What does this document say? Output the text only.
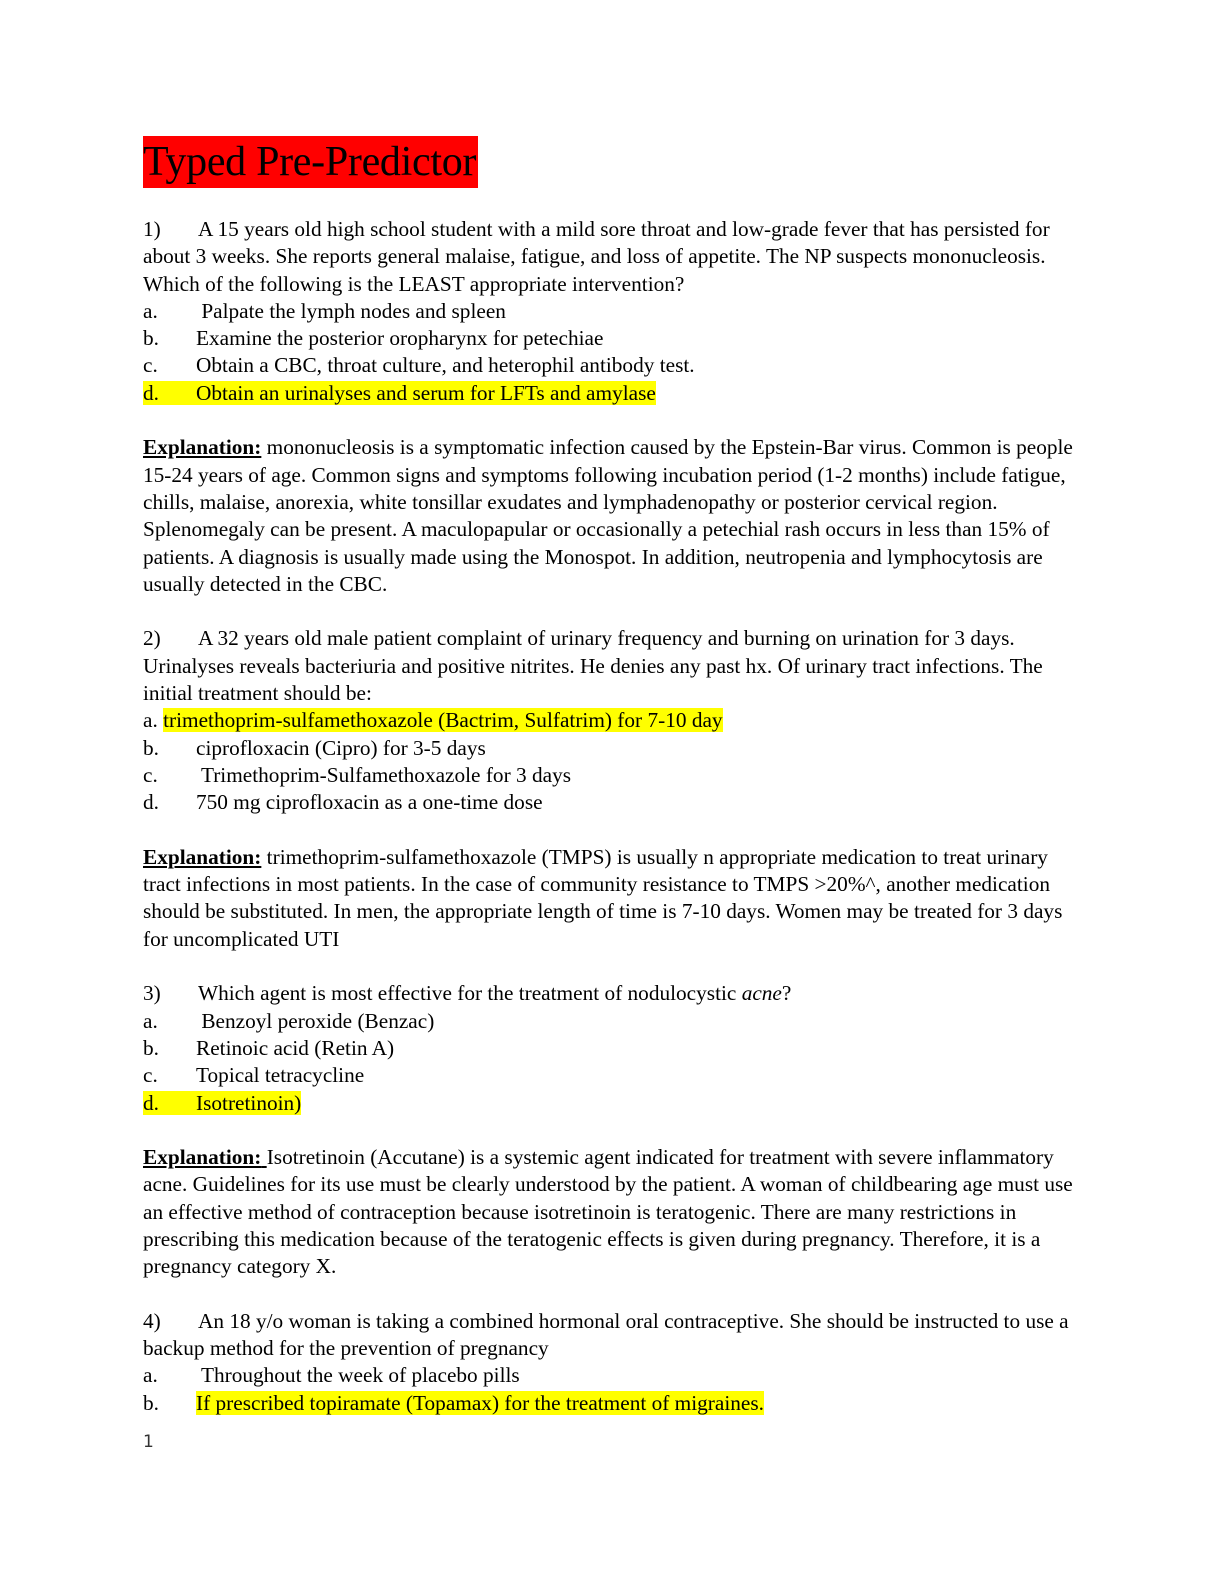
Typed Pre-Predictor

1) A 15 years old high school student with a mild sore throat and low-grade fever that has persisted for about 3 weeks. She reports general malaise, fatigue, and loss of appetite. The NP suspects mononucleosis. Which of the following is the LEAST appropriate intervention?

a. Palpate the lymph nodes and spleen
b. Examine the posterior oropharynx for petechiae
c. Obtain a CBC, throat culture, and heterophil antibody test.
d. Obtain an urinalyses and serum for LFTs and amylase

Explanation: mononucleosis is a symptomatic infection caused by the Epstein-Bar virus. Common is people 15-24 years of age. Common signs and symptoms following incubation period (1-2 months) include fatigue, chills, malaise, anorexia, white tonsillar exudates and lymphadenopathy or posterior cervical region. Splenomegaly can be present. A maculopapular or occasionally a petechial rash occurs in less than 15% of patients. A diagnosis is usually made using the Monospot. In addition, neutropenia and lymphocytosis are usually detected in the CBC.

2) A 32 years old male patient complaint of urinary frequency and burning on urination for 3 days. Urinalyses reveals bacteriuria and positive nitrites. He denies any past hx. Of urinary tract infections. The initial treatment should be:

a. trimethoprim-sulfamethoxazole (Bactrim, Sulfatrim) for 7-10 day
b. ciprofloxacin (Cipro) for 3-5 days
c. Trimethoprim-Sulfamethoxazole for 3 days
d. 750 mg ciprofloxacin as a one-time dose

Explanation: trimethoprim-sulfamethoxazole (TMPS) is usually n appropriate medication to treat urinary tract infections in most patients. In the case of community resistance to TMPS >20%^, another medication should be substituted. In men, the appropriate length of time is 7-10 days. Women may be treated for 3 days for uncomplicated UTI

3) Which agent is most effective for the treatment of nodulocystic acne?

a. Benzoyl peroxide (Benzac)
b. Retinoic acid (Retin A)
c. Topical tetracycline
d. Isotretinoin)

Explanation: Isotretinoin (Accutane) is a systemic agent indicated for treatment with severe inflammatory acne. Guidelines for its use must be clearly understood by the patient. A woman of childbearing age must use an effective method of contraception because isotretinoin is teratogenic. There are many restrictions in prescribing this medication because of the teratogenic effects is given during pregnancy. Therefore, it is a pregnancy category X.

4) An 18 y/o woman is taking a combined hormonal oral contraceptive. She should be instructed to use a backup method for the prevention of pregnancy

a. Throughout the week of placebo pills
b. If prescribed topiramate (Topamax) for the treatment of migraines.
1
